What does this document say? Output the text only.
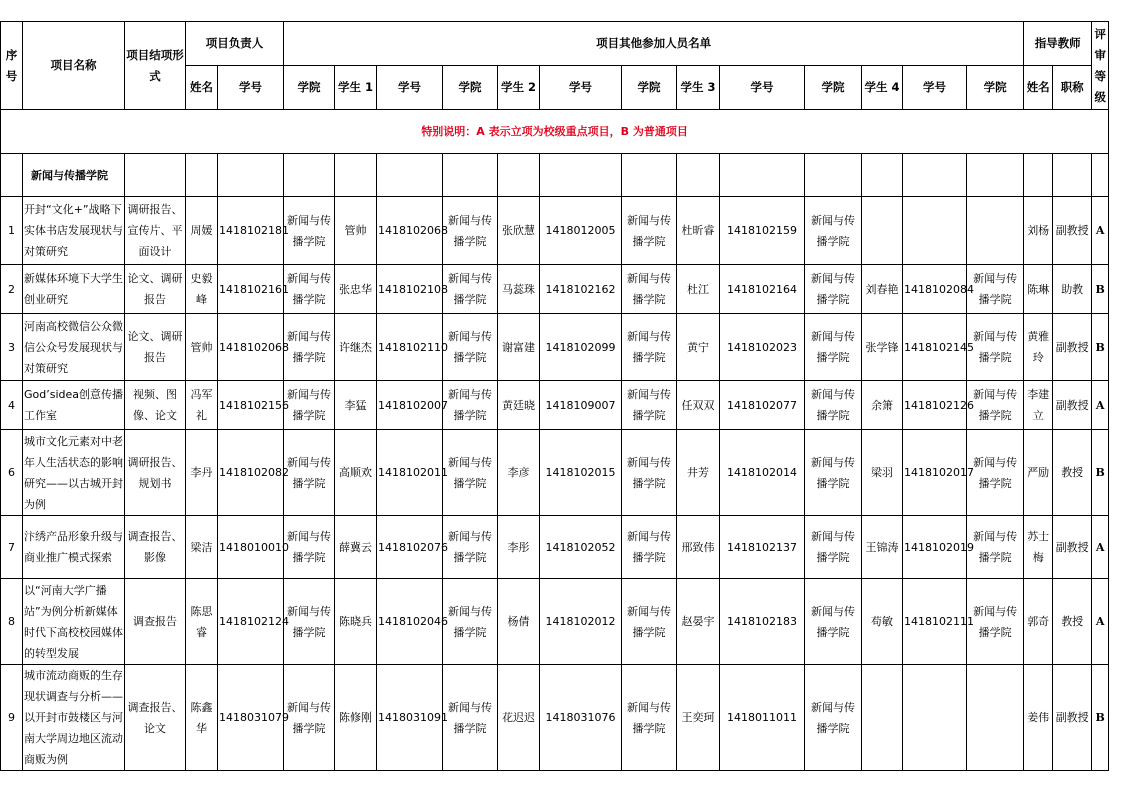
序号	项目名称	项目结项形式	项目负责人		项目其他参加人员名单													指导教师		评审等级
			姓名	学号	学院	学生 1	学号	学院	学生 2	学号	学院	学生 3	学号	学院	学生 4	学号	学院	姓名	职称	
特别说明：A 表示立项为校级重点项目，B 为普通项目																				
	新闻与传播学院																			
1	开封“文化+”战略下实体书店发展现状与对策研究	调研报告、宣传片、平面设计	周媛	1418102181	新闻与传播学院	管帅	1418102068	新闻与传播学院	张欣慧	1418012005	新闻与传播学院	杜昕睿	1418102159	新闻与传播学院				刘杨	副教授	A
2	新媒体环境下大学生创业研究	论文、调研报告	史毅峰	1418102161	新闻与传播学院	张忠华	1418102108	新闻与传播学院	马蕊珠	1418102162	新闻与传播学院	杜江	1418102164	新闻与传播学院	刘春艳	1418102084	新闻与传播学院	陈琳	助教	B
3	河南高校微信公众微信公众号发展现状与对策研究	论文、调研报告	管帅	1418102068	新闻与传播学院	许继杰	1418102110	新闻与传播学院	谢富建	1418102099	新闻与传播学院	黄宁	1418102023	新闻与传播学院	张学锋	1418102145	新闻与传播学院	黄雅玲	副教授	B
4	God’sidea创意传播工作室	视频、图像、论文	冯军礼	1418102156	新闻与传播学院	李猛	1418102007	新闻与传播学院	黄廷晓	1418109007	新闻与传播学院	任双双	1418102077	新闻与传播学院	余箫	1418102126	新闻与传播学院	李建立	副教授	A
6	城市文化元素对中老年人生活状态的影响研究——以古城开封为例	调研报告、规划书	李丹	1418102082	新闻与传播学院	高顺欢	1418102011	新闻与传播学院	李彦	1418102015	新闻与传播学院	井芳	1418102014	新闻与传播学院	梁羽	1418102017	新闻与传播学院	严励	教授	B
7	汴绣产品形象升级与商业推广模式探索	调查报告、影像	梁洁	1418010010	新闻与传播学院	薛冀云	1418102076	新闻与传播学院	李彤	1418102052	新闻与传播学院	邢致伟	1418102137	新闻与传播学院	王锦涛	1418102019	新闻与传播学院	苏士梅	副教授	A
8	以“河南大学广播站”为例分析新媒体时代下高校校园媒体的转型发展	调查报告	陈思睿	1418102124	新闻与传播学院	陈晓兵	1418102046	新闻与传播学院	杨倩	1418102012	新闻与传播学院	赵晏宇	1418102183	新闻与传播学院	苟敏	1418102111	新闻与传播学院	郭奇	教授	A
9	城市流动商贩的生存现状调查与分析——以开封市鼓楼区与河南大学周边地区流动商贩为例	调查报告、论文	陈鑫华	1418031079	新闻与传播学院	陈修刚	1418031091	新闻与传播学院	花迟迟	1418031076	新闻与传播学院	王奕珂	1418011011	新闻与传播学院				姜伟	副教授	B
